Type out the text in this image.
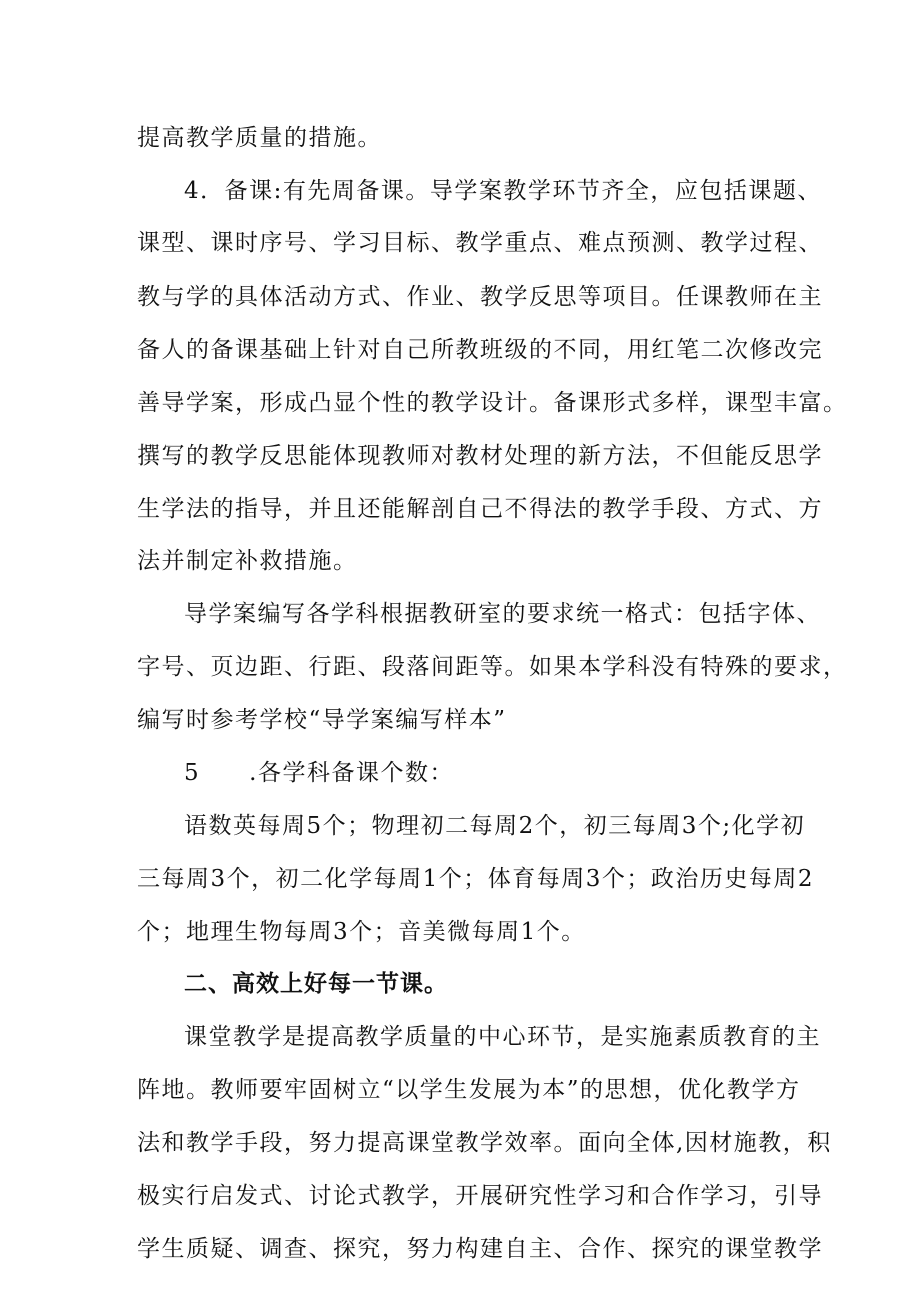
提高教学质量的措施。
4．备课:有先周备课。导学案教学环节齐全，应包括课题、
课型、课时序号、学习目标、教学重点、难点预测、教学过程、
教与学的具体活动方式、作业、教学反思等项目。任课教师在主
备人的备课基础上针对自己所教班级的不同，用红笔二次修改完
善导学案，形成凸显个性的教学设计。备课形式多样，课型丰富。
撰写的教学反思能体现教师对教材处理的新方法，不但能反思学
生学法的指导，并且还能解剖自己不得法的教学手段、方式、方
法并制定补救措施。
导学案编写各学科根据教研室的要求统一格式：包括字体、
字号、页边距、行距、段落间距等。如果本学科没有特殊的要求，
编写时参考学校“导学案编写样本”
5　　.各学科备课个数：
语数英每周5个；物理初二每周2个，初三每周3个;化学初
三每周3个，初二化学每周1个；体育每周3个；政治历史每周2
个；地理生物每周3个；音美微每周1个。
二、高效上好每一节课。
课堂教学是提高教学质量的中心环节，是实施素质教育的主
阵地。教师要牢固树立“以学生发展为本”的思想，优化教学方
法和教学手段，努力提高课堂教学效率。面向全体,因材施教，积
极实行启发式、讨论式教学，开展研究性学习和合作学习，引导
学生质疑、调查、探究，努力构建自主、合作、探究的课堂教学
